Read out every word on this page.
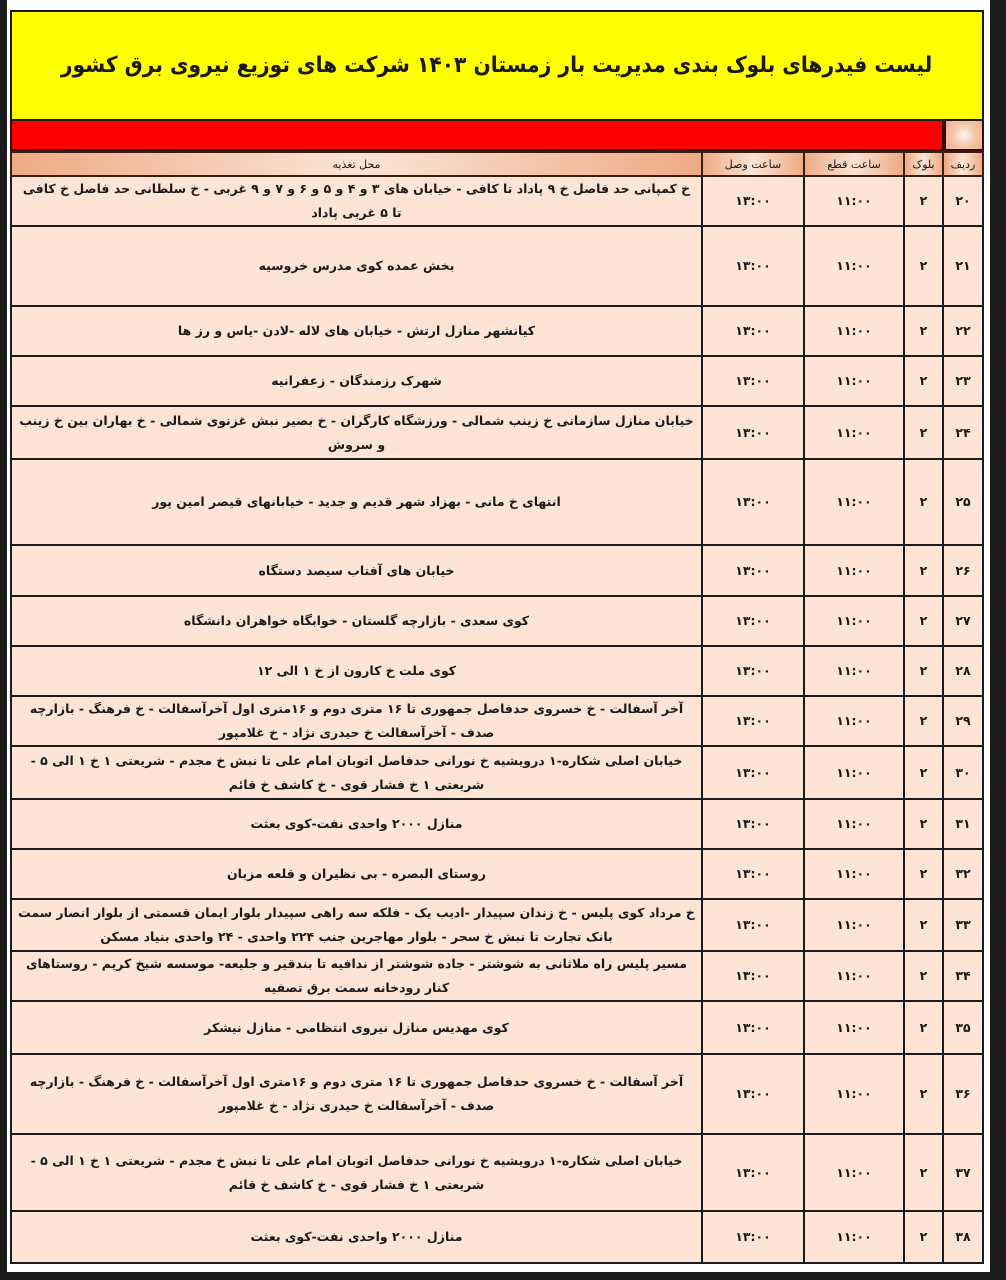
لیست فیدرهای بلوک بندی مدیریت بار زمستان ۱۴۰۳ شرکت های توزیع نیروی برق کشور
ردیف	بلوک	ساعت قطع	ساعت وصل	محل تغذیه
۲۰	۲	۱۱:۰۰	۱۳:۰۰	خ کمپانی حد فاصل خ ۹ پاداد تا کافی - خیابان های ۳ و ۴ و ۵ و ۶ و ۷ و ۹ غربی - خ سلطانی حد فاصل خ کافی تا ۵ غربی پاداد
۲۱	۲	۱۱:۰۰	۱۳:۰۰	بخش عمده کوی مدرس خروسیه
۲۲	۲	۱۱:۰۰	۱۳:۰۰	کیانشهر منازل ارتش - خیابان های لاله -لادن -یاس و رز ها
۲۳	۲	۱۱:۰۰	۱۳:۰۰	شهرک رزمندگان - زعفرانیه
۲۴	۲	۱۱:۰۰	۱۳:۰۰	خیابان منازل سازمانی خ زینب شمالی - ورزشگاه کارگران - خ بصیر نبش غزنوی شمالی - خ بهاران بین خ زینب و سروش
۲۵	۲	۱۱:۰۰	۱۳:۰۰	انتهای خ مانی - بهزاد شهر قدیم و جدید - خیابانهای قیصر امین پور
۲۶	۲	۱۱:۰۰	۱۳:۰۰	خیابان های آفتاب سیصد دستگاه
۲۷	۲	۱۱:۰۰	۱۳:۰۰	کوی سعدی - بازارچه گلستان - خوابگاه خواهران دانشگاه
۲۸	۲	۱۱:۰۰	۱۳:۰۰	کوی ملت خ کارون از خ ۱ الی ۱۲
۲۹	۲	۱۱:۰۰	۱۳:۰۰	آخر آسفالت - خ خسروی حدفاصل جمهوری تا ۱۶ متری دوم و ۱۶متری اول آخرآسفالت - خ فرهنگ - بازارچه صدف - آخرآسفالت خ حیدری نژاد - خ غلامپور
۳۰	۲	۱۱:۰۰	۱۳:۰۰	خیابان اصلی شکاره-۱ درویشیه خ نورانی حدفاصل اتوبان امام علی تا نبش خ مجدم - شریعتی ۱ خ ۱ الی ۵ - شریعتی ۱ خ فشار قوی - خ کاشف خ قائم
۳۱	۲	۱۱:۰۰	۱۳:۰۰	منازل ۲۰۰۰ واحدی نفت-کوی بعثت
۳۲	۲	۱۱:۰۰	۱۳:۰۰	روستای البصره - بی نظیران و قلعه مزبان
۳۳	۲	۱۱:۰۰	۱۳:۰۰	خ مرداد کوی پلیس - خ زندان سپیدار -ادیب یک - فلکه سه راهی سپیدار بلوار ایمان قسمتی از بلوار انصار سمت بانک تجارت تا نبش خ سحر - بلوار مهاجرین جنب ۲۲۴ واحدی - ۲۴ واحدی بنیاد مسکن
۳۴	۲	۱۱:۰۰	۱۳:۰۰	مسیر پلیس راه ملاثانی به شوشتر - جاده شوشتر از ندافیه تا بندقیر و جلیعه- موسسه شیخ کریم - روستاهای کنار رودخانه سمت برق تصفیه
۳۵	۲	۱۱:۰۰	۱۳:۰۰	کوی مهدیس منازل نیروی انتظامی - منازل نیشکر
۳۶	۲	۱۱:۰۰	۱۳:۰۰	آخر آسفالت - خ خسروی حدفاصل جمهوری تا ۱۶ متری دوم و ۱۶متری اول آخرآسفالت - خ فرهنگ - بازارچه صدف - آخرآسفالت خ حیدری نژاد - خ غلامپور
۳۷	۲	۱۱:۰۰	۱۳:۰۰	خیابان اصلی شکاره-۱ درویشیه خ نورانی حدفاصل اتوبان امام علی تا نبش خ مجدم - شریعتی ۱ خ ۱ الی ۵ - شریعتی ۱ خ فشار قوی - خ کاشف خ قائم
۳۸	۲	۱۱:۰۰	۱۳:۰۰	منازل ۲۰۰۰ واحدی نفت-کوی بعثت
